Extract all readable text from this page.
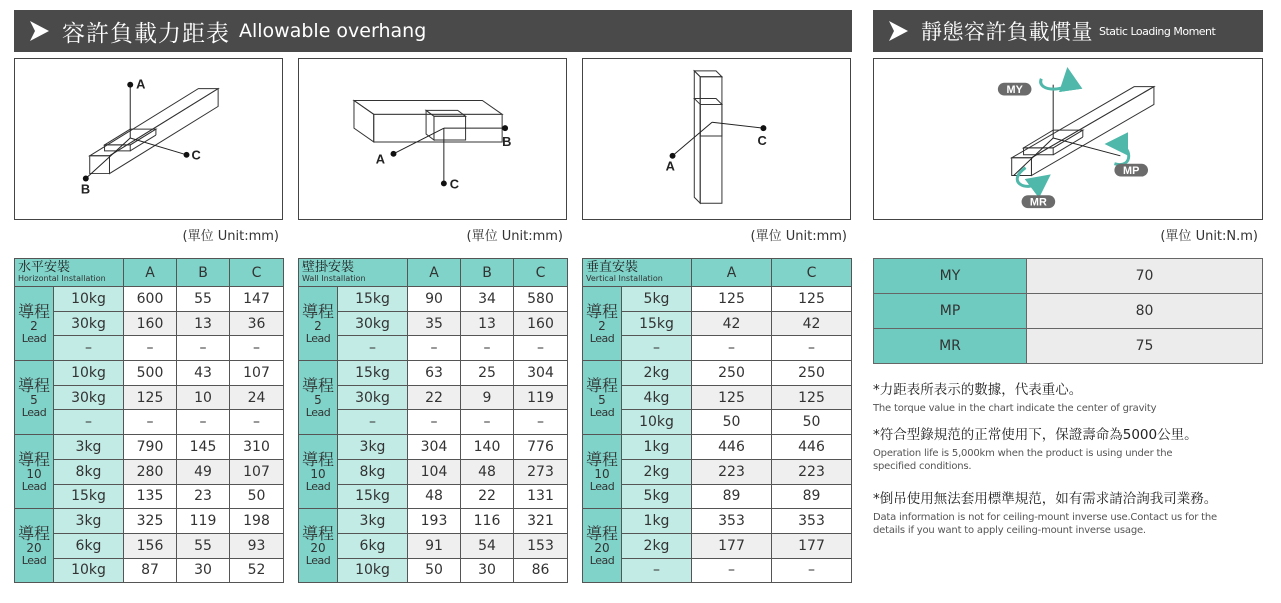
容許負載力距表 Allowable overhang	靜態容許負載慣量 Static Loading Moment
A
C
B
B
A
C
C
A
MY
MP
MR
(單位 Unit:mm)	(單位 Unit:mm)	(單位 Unit:mm)	(單位 Unit:N.m)
水平安裝
Horizontal Installation		A	B	C

導程
2
Lead	10kg	600	55	147
	30kg	160	13	36
	–	–	–	–

導程
5
Lead	10kg	500	43	107
	30kg	125	10	24
	–	–	–	–

導程
10
Lead	3kg	790	145	310
	8kg	280	49	107
	15kg	135	23	50

導程
20
Lead	3kg	325	119	198
	6kg	156	55	93
	10kg	87	30	52
壁掛安裝
Wall Installation		A	B	C

導程
2
Lead	15kg	90	34	580
	30kg	35	13	160
	–	–	–	–

導程
5
Lead	15kg	63	25	304
	30kg	22	9	119
	–	–	–	–

導程
10
Lead	3kg	304	140	776
	8kg	104	48	273
	15kg	48	22	131

導程
20
Lead	3kg	193	116	321
	6kg	91	54	153
	10kg	50	30	86
垂直安裝
Vertical Installation		A	C

導程
2
Lead	5kg	125	125
	15kg	42	42
	–	–	–

導程
5
Lead	2kg	250	250
	4kg	125	125
	10kg	50	50

導程
10
Lead	1kg	446	446
	2kg	223	223
	5kg	89	89

導程
20
Lead	1kg	353	353
	2kg	177	177
	–	–	–
MY	70
MP	80
MR	75
*力距表所表示的數據，代表重心。
The torque value in the chart indicate the center of gravity
*符合型錄規范的正常使用下，保證壽命為5000公里。
Operation life is 5,000km when the product is using under the specified conditions.
*倒吊使用無法套用標準規范，如有需求請洽詢我司業務。
Data information is not for ceiling-mount inverse use.Contact us for the details if you want to apply ceiling-mount inverse usage.
